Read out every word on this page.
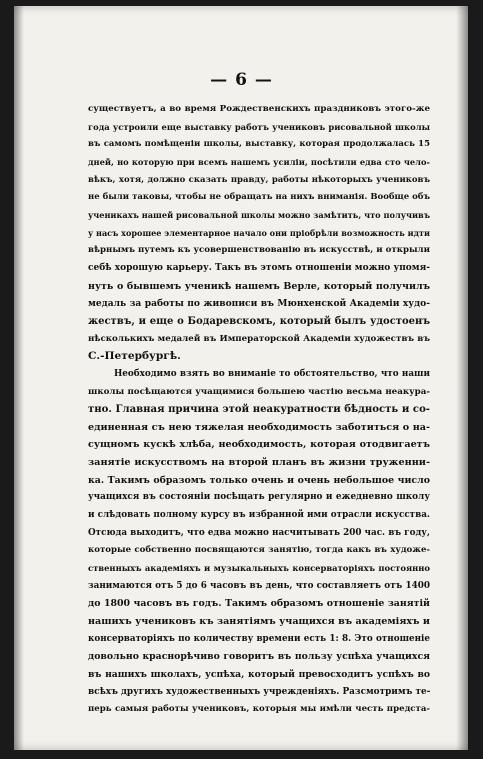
— 6 —
существуетъ, а во время Рождественскихъ праздниковъ этого-же
года устроили еще выставку работъ учениковъ рисовальной школы
въ самомъ помѣщеніи школы, выставку, которая продолжалась 15
дней, но которую при всемъ нашемъ усиліи, посѣтили едва сто чело-
вѣкъ, хотя, должно сказать правду, работы нѣкоторыхъ учениковъ
не были таковы, чтобы не обращать на нихъ вниманія. Вообще объ
ученикахъ нашей рисовальной школы можно замѣтить, что получивъ
у насъ хорошее элементарное начало они пріобрѣли возможность идти
вѣрнымъ путемъ къ усовершенствованію въ искусствѣ, и открыли
себѣ хорошую карьеру. Такъ въ этомъ отношеніи можно упомя-
нуть о бывшемъ ученикѣ нашемъ Верле, который получилъ
медаль за работы по живописи въ Мюнхенской Академіи худо-
жествъ, и еще о Бодаревскомъ, который былъ удостоенъ
нѣсколькихъ медалей въ Императорской Академіи художествъ въ
С.-Петербургѣ.
Необходимо взять во вниманіе то обстоятельство, что наши
школы посѣщаются учащимися большею частію весьма неакура-
тно. Главная причина этой неакуратности бѣдность и со-
единенная съ нею тяжелая необходимость заботиться о на-
сущномъ кускѣ хлѣба, необходимость, которая отодвигаетъ
занятіе искусствомъ на второй планъ въ жизни труженни-
ка. Такимъ образомъ только очень и очень небольшое число
учащихся въ состояніи посѣщать регулярно и ежедневно школу
и слѣдовать полному курсу въ избранной ими отрасли искусства.
Отсюда выходитъ, что едва можно насчитывать 200 час. въ году,
которые собственно посвящаются занятію, тогда какъ въ художе-
ственныхъ академіяхъ и музыкальныхъ консерваторіяхъ постоянно
занимаются отъ 5 до 6 часовъ въ день, что составляетъ отъ 1400
до 1800 часовъ въ годъ. Такимъ образомъ отношеніе занятій
нашихъ учениковъ къ занятіямъ учащихся въ академіяхъ и
консерваторіяхъ по количеству времени есть 1: 8. Это отношеніе
довольно краснорѣчиво говоритъ въ пользу успѣха учащихся
въ нашихъ школахъ, успѣха, который превосходитъ успѣхъ во
всѣхъ другихъ художественныхъ учрежденіяхъ. Разсмотримъ те-
перь самыя работы учениковъ, которыя мы имѣли честь предста-
